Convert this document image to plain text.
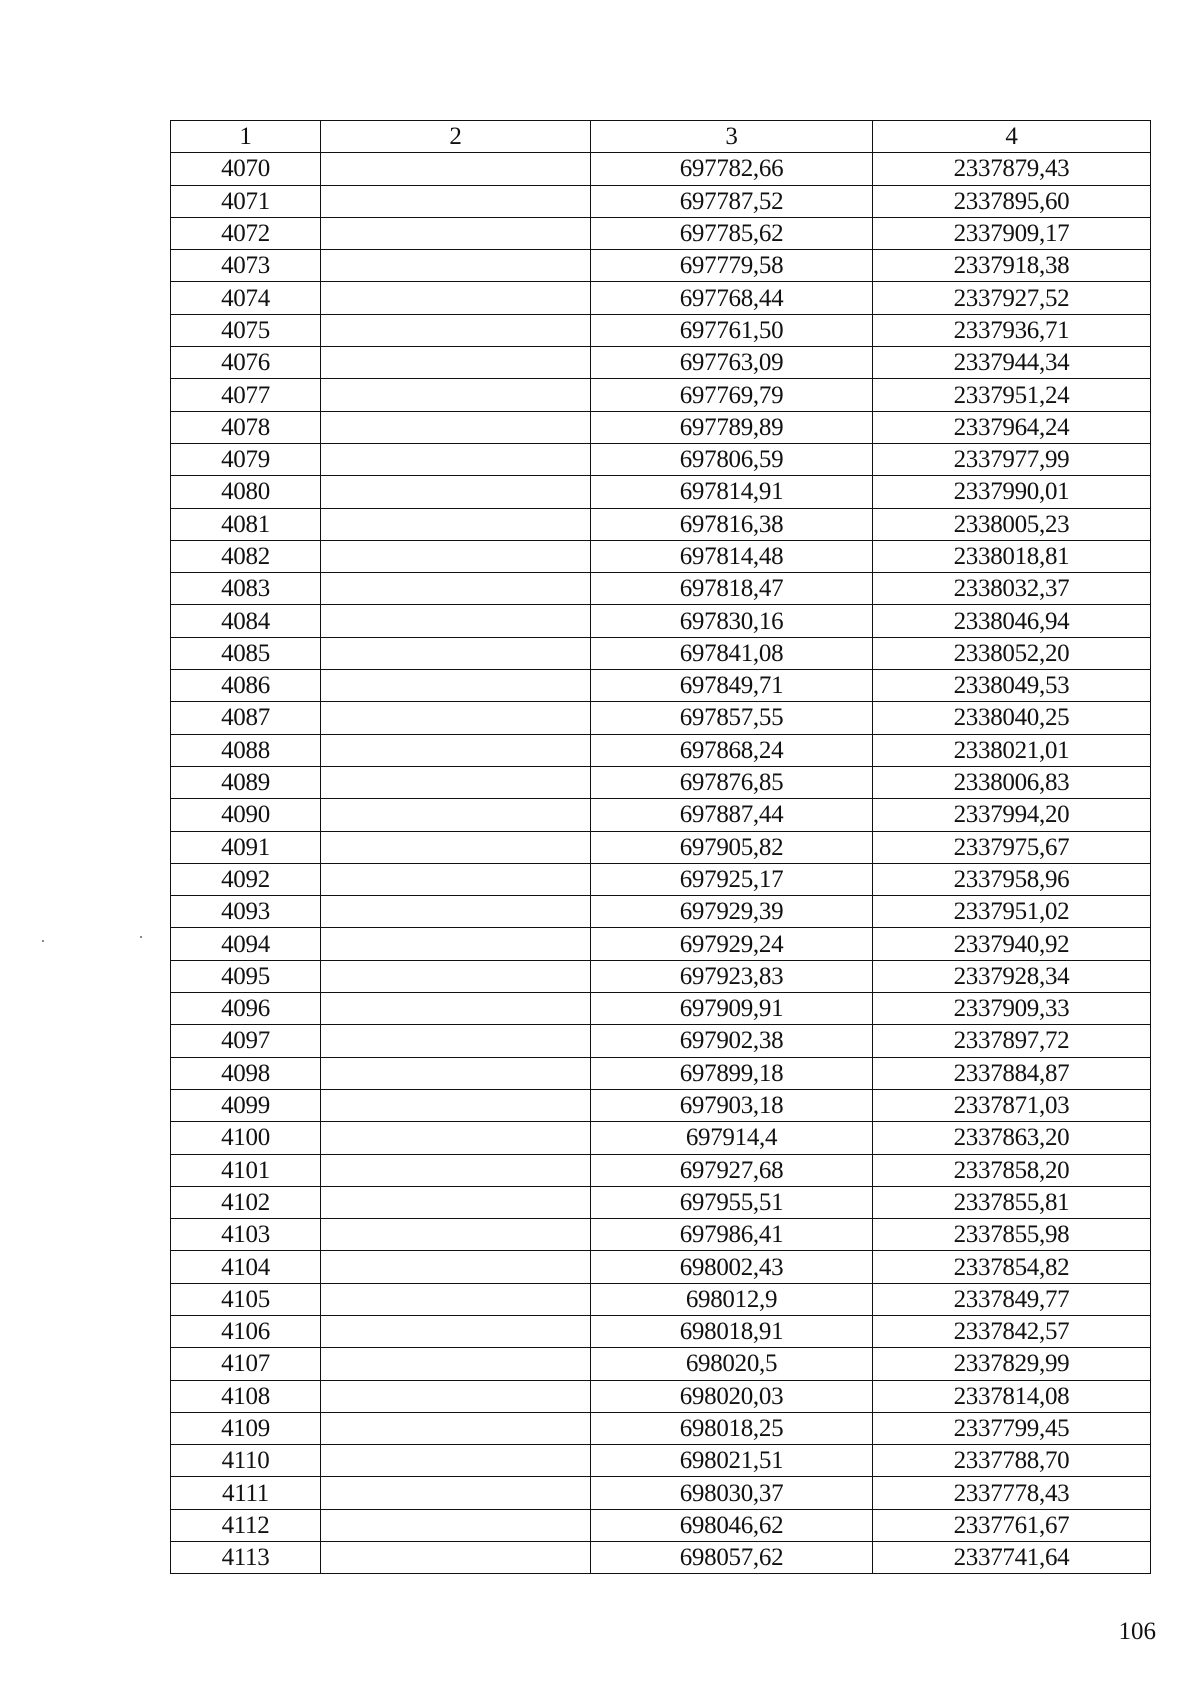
1	2	3	4
4070		697782,66	2337879,43
4071		697787,52	2337895,60
4072		697785,62	2337909,17
4073		697779,58	2337918,38
4074		697768,44	2337927,52
4075		697761,50	2337936,71
4076		697763,09	2337944,34
4077		697769,79	2337951,24
4078		697789,89	2337964,24
4079		697806,59	2337977,99
4080		697814,91	2337990,01
4081		697816,38	2338005,23
4082		697814,48	2338018,81
4083		697818,47	2338032,37
4084		697830,16	2338046,94
4085		697841,08	2338052,20
4086		697849,71	2338049,53
4087		697857,55	2338040,25
4088		697868,24	2338021,01
4089		697876,85	2338006,83
4090		697887,44	2337994,20
4091		697905,82	2337975,67
4092		697925,17	2337958,96
4093		697929,39	2337951,02
4094		697929,24	2337940,92
4095		697923,83	2337928,34
4096		697909,91	2337909,33
4097		697902,38	2337897,72
4098		697899,18	2337884,87
4099		697903,18	2337871,03
4100		697914,4	2337863,20
4101		697927,68	2337858,20
4102		697955,51	2337855,81
4103		697986,41	2337855,98
4104		698002,43	2337854,82
4105		698012,9	2337849,77
4106		698018,91	2337842,57
4107		698020,5	2337829,99
4108		698020,03	2337814,08
4109		698018,25	2337799,45
4110		698021,51	2337788,70
4111		698030,37	2337778,43
4112		698046,62	2337761,67
4113		698057,62	2337741,64
106
